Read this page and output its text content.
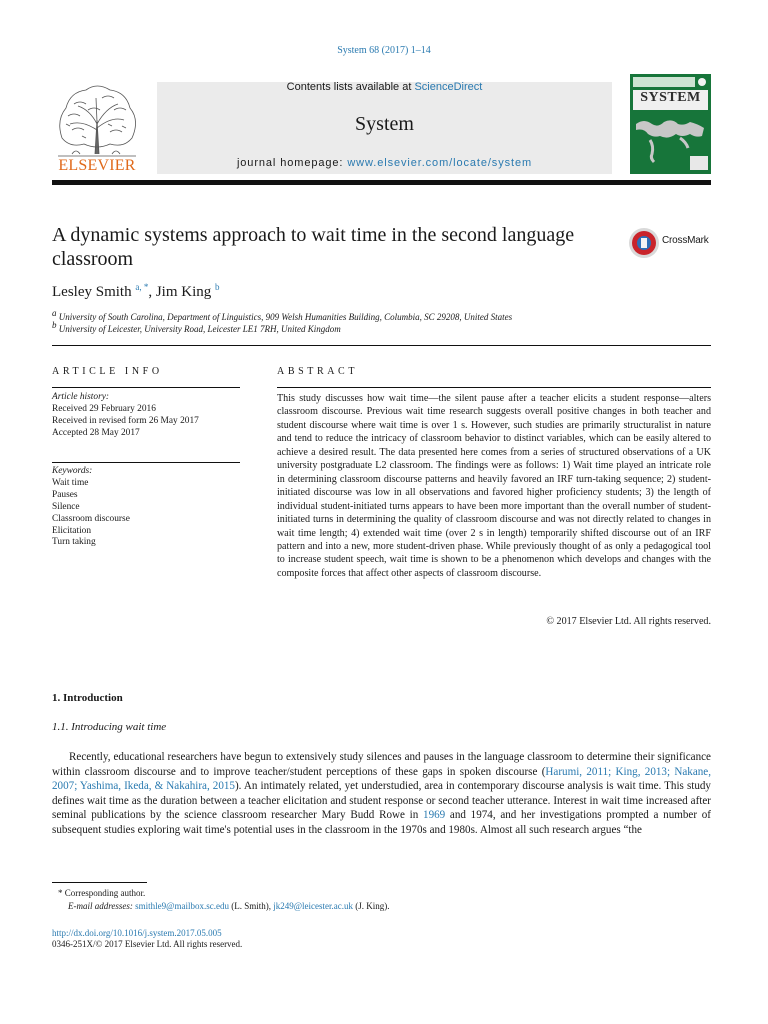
System 68 (2017) 1–14
Contents lists available at ScienceDirect
System
journal homepage: www.elsevier.com/locate/system
ELSEVIER
SYSTEM
A dynamic systems approach to wait time in the second language classroom
CrossMark
Lesley Smith $^{a, *}$, Jim King $^b$
$^a$ University of South Carolina, Department of Linguistics, 909 Welsh Humanities Building, Columbia, SC 29208, United States
$^b$ University of Leicester, University Road, Leicester LE1 7RH, United Kingdom
ARTICLE INFO
Article history:
Received 29 February 2016
Received in revised form 26 May 2017
Accepted 28 May 2017
Keywords:
Wait time
Pauses
Silence
Classroom discourse
Elicitation
Turn taking
ABSTRACT
This study discusses how wait time—the silent pause after a teacher elicits a student response—alters classroom discourse. Previous wait time research suggests overall positive changes in both teacher and student discourse where wait time is over 1 s. However, such studies are primarily structuralist in nature and tend to reduce the intricacy of classroom behavior to distinct variables, which can be easily altered to achieve a desired result. The data presented here comes from a series of structured observations of a UK university postgraduate L2 classroom. The findings were as follows: 1) Wait time played an intricate role in determining classroom discourse patterns and heavily favored an IRF turn-taking sequence; 2) student-initiated discourse was low in all observations and favored higher proficiency students; 3) the length of individual student-initiated turns appears to have been more important than the overall number of student-initiated turns in determining the quality of classroom discourse and was not directly related to changes in wait time length; 4) extended wait time (over 2 s in length) temporarily shifted discourse out of an IRF pattern and into a new, more student-driven phase. While previously thought of as only a pedagogical tool to increase student speech, wait time is shown to be a phenomenon which develops and changes with the composite forces that affect other aspects of classroom discourse.
© 2017 Elsevier Ltd. All rights reserved.
1. Introduction
1.1. Introducing wait time
Recently, educational researchers have begun to extensively study silences and pauses in the language classroom to determine their significance within classroom discourse and to improve teacher/student perceptions of these gaps in spoken discourse (Harumi, 2011; King, 2013; Nakane, 2007; Yashima, Ikeda, & Nakahira, 2015). An intimately related, yet understudied, area in contemporary discourse analysis is wait time. This study defines wait time as the duration between a teacher elicitation and student response or second teacher utterance. Interest in wait time increased after seminal publications by the science classroom researcher Mary Budd Rowe in 1969 and 1974, and her investigations prompted a number of subsequent studies exploring wait time's potential uses in the classroom in the 1970s and 1980s. Almost all such research argues “the
* Corresponding author.
E-mail addresses: smithle9@mailbox.sc.edu (L. Smith), jk249@leicester.ac.uk (J. King).
http://dx.doi.org/10.1016/j.system.2017.05.005
0346-251X/© 2017 Elsevier Ltd. All rights reserved.
